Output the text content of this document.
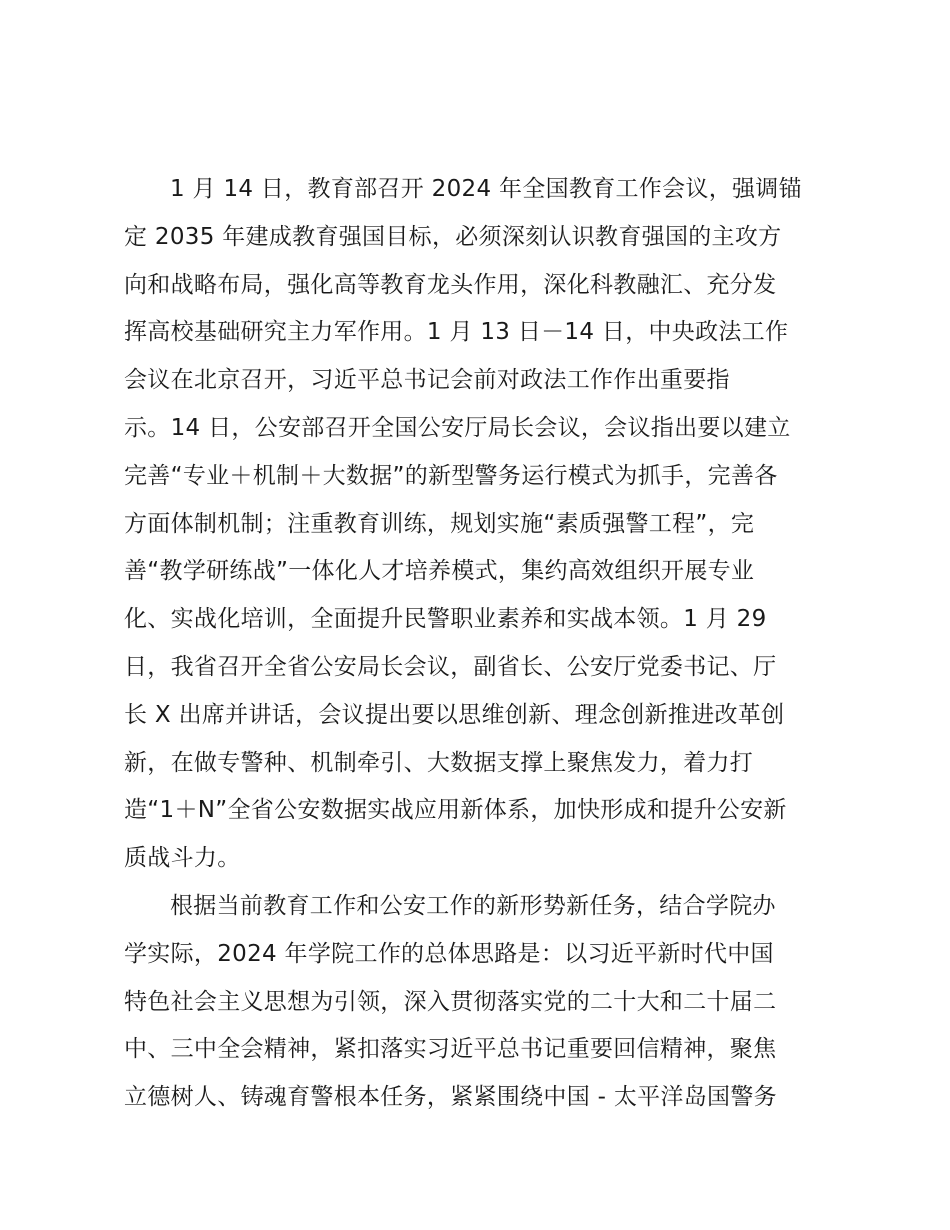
1 月 14 日，教育部召开 2024 年全国教育工作会议，强调锚
定 2035 年建成教育强国目标，必须深刻认识教育强国的主攻方
向和战略布局，强化高等教育龙头作用，深化科教融汇、充分发
挥高校基础研究主力军作用。1 月 13 日－14 日，中央政法工作
会议在北京召开，习近平总书记会前对政法工作作出重要指
示。14 日，公安部召开全国公安厅局长会议，会议指出要以建立
完善“专业＋机制＋大数据”的新型警务运行模式为抓手，完善各
方面体制机制；注重教育训练，规划实施“素质强警工程”，完
善“教学研练战”一体化人才培养模式，集约高效组织开展专业
化、实战化培训，全面提升民警职业素养和实战本领。1 月 29
日，我省召开全省公安局长会议，副省长、公安厅党委书记、厅
长 X 出席并讲话，会议提出要以思维创新、理念创新推进改革创
新，在做专警种、机制牵引、大数据支撑上聚焦发力，着力打
造“1＋N”全省公安数据实战应用新体系，加快形成和提升公安新
质战斗力。
根据当前教育工作和公安工作的新形势新任务，结合学院办
学实际，2024 年学院工作的总体思路是：以习近平新时代中国
特色社会主义思想为引领，深入贯彻落实党的二十大和二十届二
中、三中全会精神，紧扣落实习近平总书记重要回信精神，聚焦
立德树人、铸魂育警根本任务，紧紧围绕中国 - 太平洋岛国警务
